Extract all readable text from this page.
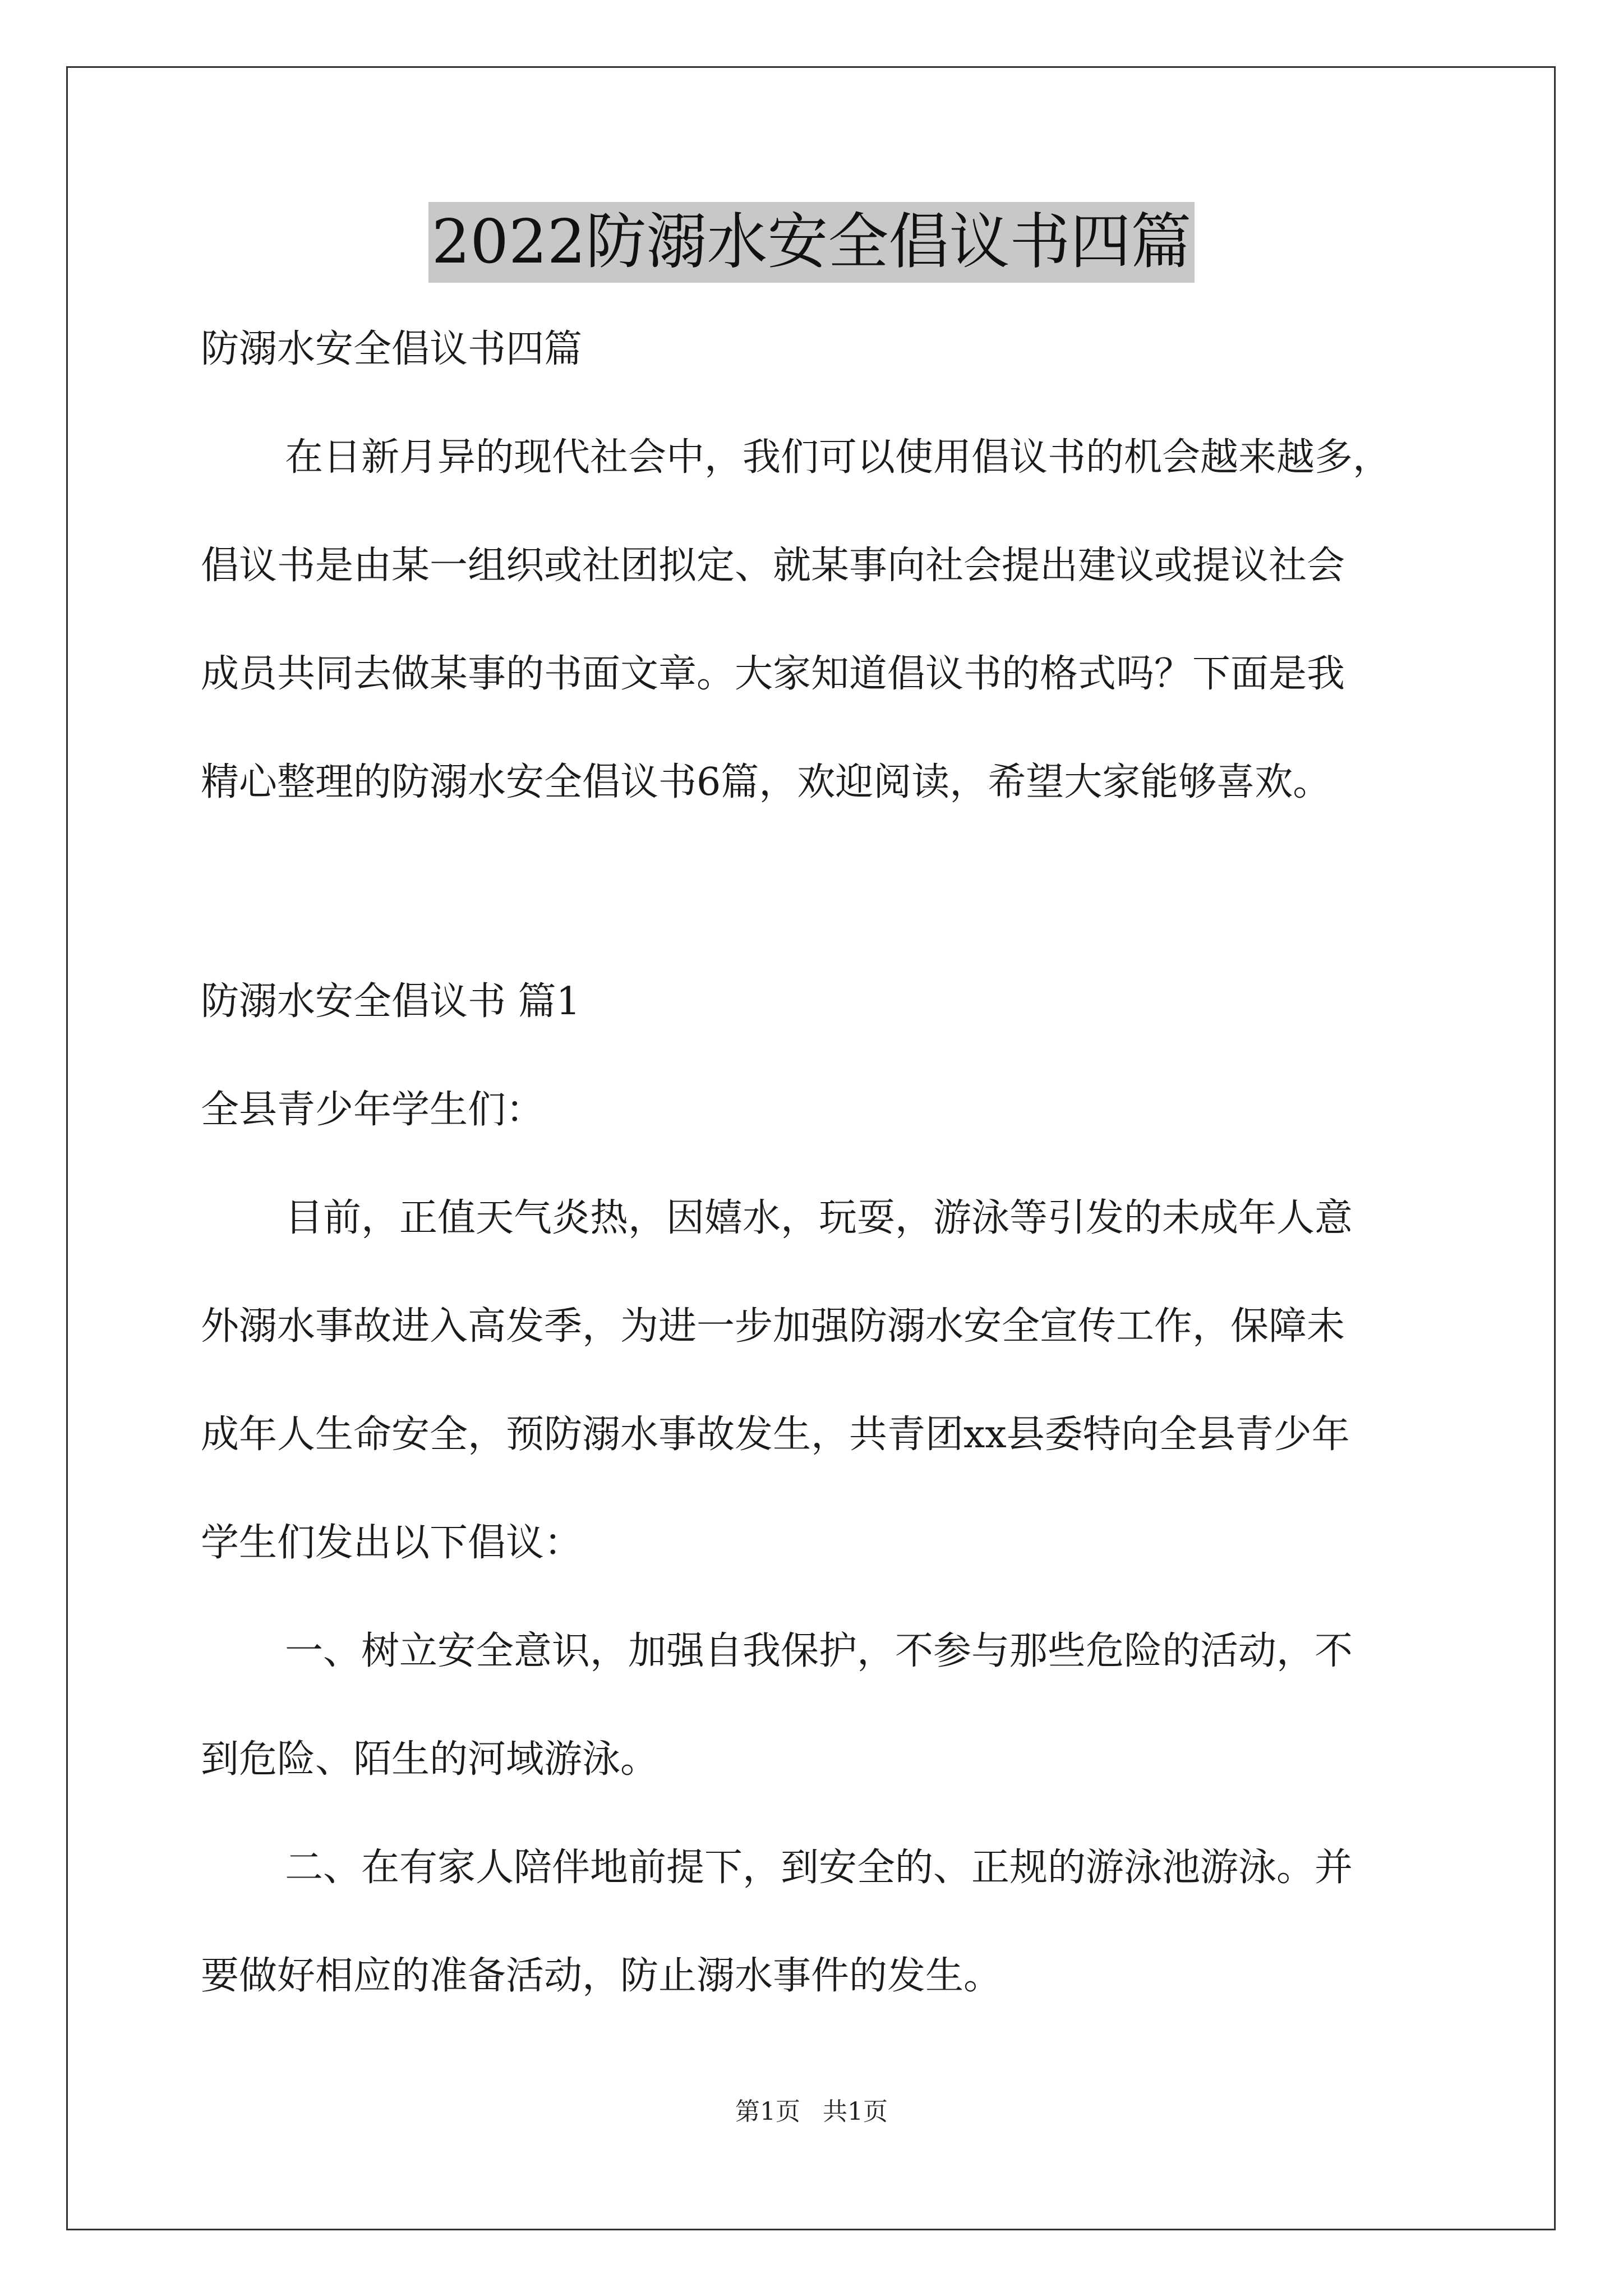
2022防溺水安全倡议书四篇
防溺水安全倡议书四篇
在日新月异的现代社会中，我们可以使用倡议书的机会越来越多，
倡议书是由某一组织或社团拟定、就某事向社会提出建议或提议社会
成员共同去做某事的书面文章。大家知道倡议书的格式吗？下面是我
精心整理的防溺水安全倡议书6篇，欢迎阅读，希望大家能够喜欢。
防溺水安全倡议书 篇1
全县青少年学生们：
目前，正值天气炎热，因嬉水，玩耍，游泳等引发的未成年人意
外溺水事故进入高发季，为进一步加强防溺水安全宣传工作，保障未
成年人生命安全，预防溺水事故发生，共青团xx县委特向全县青少年
学生们发出以下倡议：
一、树立安全意识，加强自我保护，不参与那些危险的活动，不
到危险、陌生的河域游泳。
二、在有家人陪伴地前提下，到安全的、正规的游泳池游泳。并
要做好相应的准备活动，防止溺水事件的发生。
第1页 共1页
